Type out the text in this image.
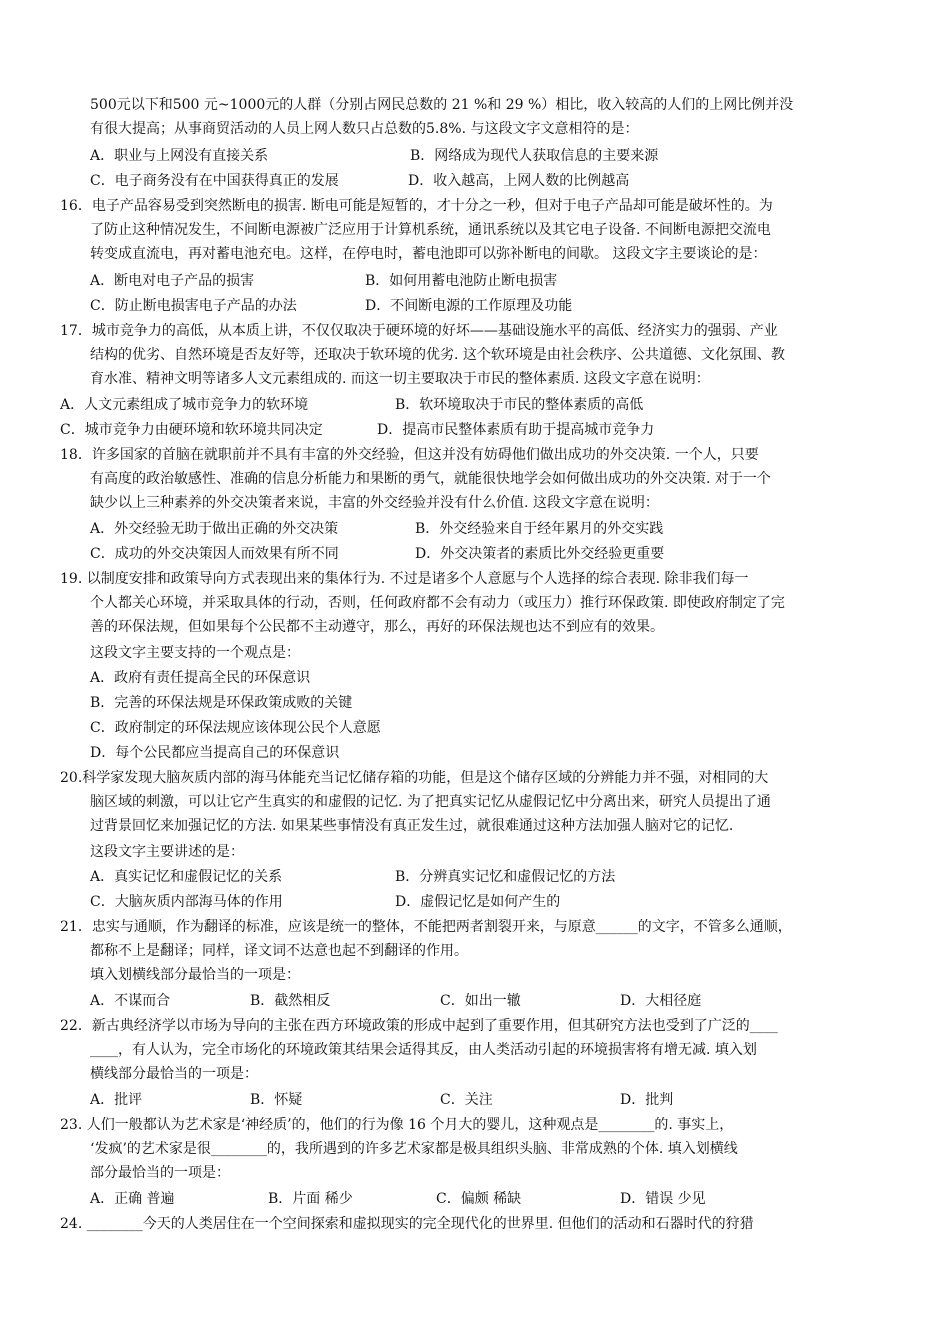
500元以下和500 元~1000元的人群（分别占网民总数的 21 %和 29 %）相比，收入较高的人们的上网比例并没
有很大提高；从事商贸活动的人员上网人数只占总数的5.8%. 与这段文字文意相符的是：
A．职业与上网没有直接关系	B．网络成为现代人获取信息的主要来源
C．电子商务没有在中国获得真正的发展	D．收入越高，上网人数的比例越高
16．电子产品容易受到突然断电的损害. 断电可能是短暂的，才十分之一秒，但对于电子产品却可能是破坏性的。为
了防止这种情况发生，不间断电源被广泛应用于计算机系统，通讯系统以及其它电子设备. 不间断电源把交流电
转变成直流电，再对蓄电池充电。这样，在停电时，蓄电池即可以弥补断电的间歇。 这段文字主要谈论的是：
A．断电对电子产品的损害	B．如何用蓄电池防止断电损害
C．防止断电损害电子产品的办法	D．不间断电源的工作原理及功能
17．城市竞争力的高低，从本质上讲，不仅仅取决于硬环境的好坏——基础设施水平的高低、经济实力的强弱、产业
结构的优劣、自然环境是否友好等，还取决于软环境的优劣. 这个软环境是由社会秩序、公共道德、文化氛围、教
育水准、精神文明等诸多人文元素组成的. 而这一切主要取决于市民的整体素质. 这段文字意在说明：
A．人文元素组成了城市竞争力的软环境	B．软环境取决于市民的整体素质的高低
C．城市竞争力由硬环境和软环境共同决定	D．提高市民整体素质有助于提高城市竞争力
18．许多国家的首脑在就职前并不具有丰富的外交经验，但这并没有妨碍他们做出成功的外交决策. 一个人，只要
有高度的政治敏感性、准确的信息分析能力和果断的勇气，就能很快地学会如何做出成功的外交决策. 对于一个
缺少以上三种素养的外交决策者来说，丰富的外交经验并没有什么价值. 这段文字意在说明：
A．外交经验无助于做出正确的外交决策	B．外交经验来自于经年累月的外交实践
C．成功的外交决策因人而效果有所不同	D．外交决策者的素质比外交经验更重要
19. 以制度安排和政策导向方式表现出来的集体行为. 不过是诸多个人意愿与个人选择的综合表现. 除非我们每一
个人都关心环境，并采取具体的行动，否则，任何政府都不会有动力（或压力）推行环保政策. 即使政府制定了完
善的环保法规，但如果每个公民都不主动遵守，那么，再好的环保法规也达不到应有的效果。
这段文字主要支持的一个观点是：
A．政府有责任提高全民的环保意识
B．完善的环保法规是环保政策成败的关键
C．政府制定的环保法规应该体现公民个人意愿
D．每个公民都应当提高自己的环保意识
20.科学家发现大脑灰质内部的海马体能充当记忆储存箱的功能，但是这个储存区域的分辨能力并不强，对相同的大
脑区域的刺激，可以让它产生真实的和虚假的记忆. 为了把真实记忆从虚假记忆中分离出来，研究人员提出了通
过背景回忆来加强记忆的方法. 如果某些事情没有真正发生过，就很难通过这种方法加强人脑对它的记忆.
这段文字主要讲述的是：
A．真实记忆和虚假记忆的关系	B．分辨真实记忆和虚假记忆的方法
C．大脑灰质内部海马体的作用	D．虚假记忆是如何产生的
21．忠实与通顺，作为翻译的标准，应该是统一的整体，不能把两者割裂开来，与原意______的文字，不管多么通顺，
都称不上是翻译；同样，译文词不达意也起不到翻译的作用。
填入划横线部分最恰当的一项是：
A．不谋而合	B．截然相反	C．如出一辙	D．大相径庭
22．新古典经济学以市场为导向的主张在西方环境政策的形成中起到了重要作用，但其研究方法也受到了广泛的____
____，有人认为，完全市场化的环境政策其结果会适得其反，由人类活动引起的环境损害将有增无减. 填入划
横线部分最恰当的一项是：
A．批评	B．怀疑	C．关注	D．批判
23. 人们一般都认为艺术家是‘神经质’的，他们的行为像 16 个月大的婴儿，这种观点是________的. 事实上，
‘发疯’的艺术家是很________的，我所遇到的许多艺术家都是极具组织头脑、非常成熟的个体. 填入划横线
部分最恰当的一项是：
A．正确 普遍	B．片面 稀少	C．偏颇 稀缺	D．错误 少见
24. ________今天的人类居住在一个空间探索和虚拟现实的完全现代化的世界里. 但他们的活动和石器时代的狩猎
